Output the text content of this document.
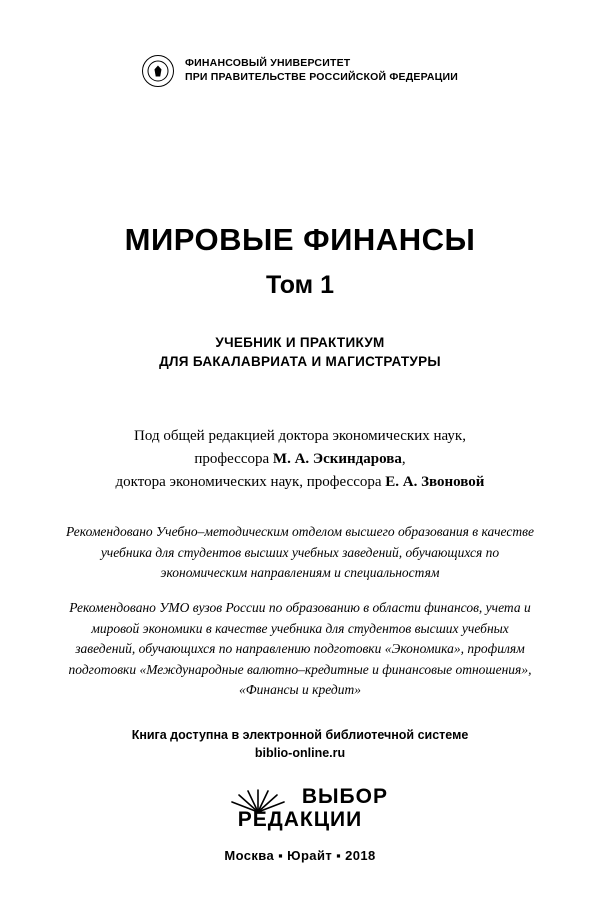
ФИНАНСОВЫЙ УНИВЕРСИТЕТ
ПРИ ПРАВИТЕЛЬСТВЕ РОССИЙСКОЙ ФЕДЕРАЦИИ
МИРОВЫЕ ФИНАНСЫ
Том 1
УЧЕБНИК И ПРАКТИКУМ
ДЛЯ БАКАЛАВРИАТА И МАГИСТРАТУРЫ
Под общей редакцией доктора экономических наук,
профессора М. А. Эскиндарова,
доктора экономических наук, профессора Е. А. Звоновой
Рекомендовано Учебно–методическим отделом высшего образования в качестве учебника для студентов высших учебных заведений, обучающихся по экономическим направлениям и специальностям
Рекомендовано УМО вузов России по образованию в области финансов, учета и мировой экономики в качестве учебника для студентов высших учебных заведений, обучающихся по направлению подготовки «Экономика», профилям подготовки «Международные валютно–кредитные и финансовые отношения», «Финансы и кредит»
Книга доступна в электронной библиотечной системе
biblio-online.ru
ВЫБОР
РЕДАКЦИИ
Москва ▪ Юрайт ▪ 2018
